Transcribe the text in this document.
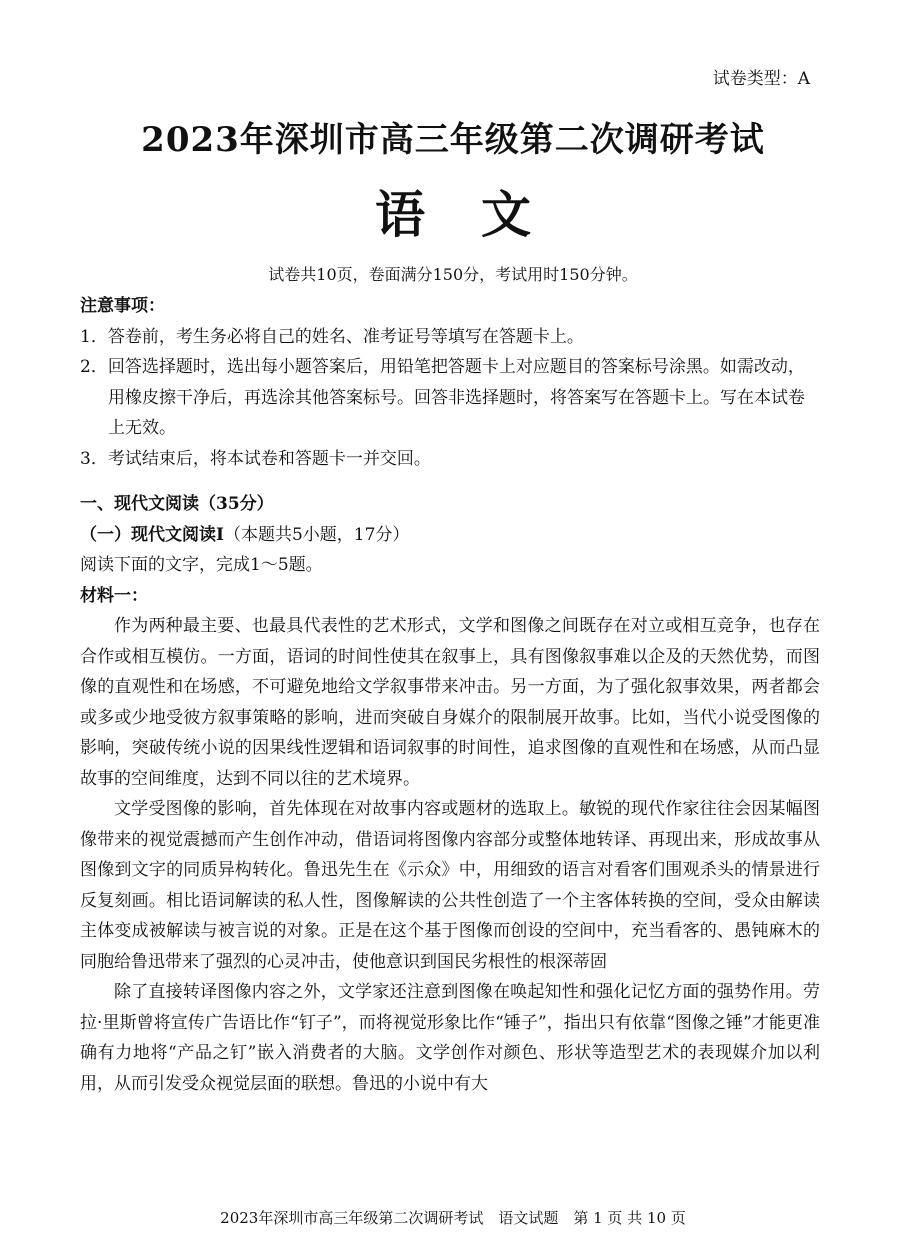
试卷类型：A
2023年深圳市高三年级第二次调研考试
语文
试卷共10页，卷面满分150分，考试用时150分钟。
注意事项：
1．答卷前，考生务必将自己的姓名、准考证号等填写在答题卡上。
2．回答选择题时，选出每小题答案后，用铅笔把答题卡上对应题目的答案标号涂黑。如需改动，用橡皮擦干净后，再选涂其他答案标号。回答非选择题时，将答案写在答题卡上。写在本试卷上无效。
3．考试结束后，将本试卷和答题卡一并交回。
一、现代文阅读（35分）
（一）现代文阅读Ⅰ（本题共5小题，17分）
阅读下面的文字，完成1～5题。
材料一：
作为两种最主要、也最具代表性的艺术形式，文学和图像之间既存在对立或相互竞争，也存在合作或相互模仿。一方面，语词的时间性使其在叙事上，具有图像叙事难以企及的天然优势，而图像的直观性和在场感，不可避免地给文学叙事带来冲击。另一方面，为了强化叙事效果，两者都会或多或少地受彼方叙事策略的影响，进而突破自身媒介的限制展开故事。比如，当代小说受图像的影响，突破传统小说的因果线性逻辑和语词叙事的时间性，追求图像的直观性和在场感，从而凸显故事的空间维度，达到不同以往的艺术境界。
文学受图像的影响，首先体现在对故事内容或题材的选取上。敏锐的现代作家往往会因某幅图像带来的视觉震撼而产生创作冲动，借语词将图像内容部分或整体地转译、再现出来，形成故事从图像到文字的同质异构转化。鲁迅先生在《示众》中，用细致的语言对看客们围观杀头的情景进行反复刻画。相比语词解读的私人性，图像解读的公共性创造了一个主客体转换的空间，受众由解读主体变成被解读与被言说的对象。正是在这个基于图像而创设的空间中，充当看客的、愚钝麻木的同胞给鲁迅带来了强烈的心灵冲击，使他意识到国民劣根性的根深蒂固
除了直接转译图像内容之外，文学家还注意到图像在唤起知性和强化记忆方面的强势作用。劳拉·里斯曾将宣传广告语比作“钉子”，而将视觉形象比作“锤子”，指出只有依靠“图像之锤”才能更准确有力地将“产品之钉”嵌入消费者的大脑。文学创作对颜色、形状等造型艺术的表现媒介加以利用，从而引发受众视觉层面的联想。鲁迅的小说中有大
2023年深圳市高三年级第二次调研考试　语文试题　第 1 页 共 10 页
